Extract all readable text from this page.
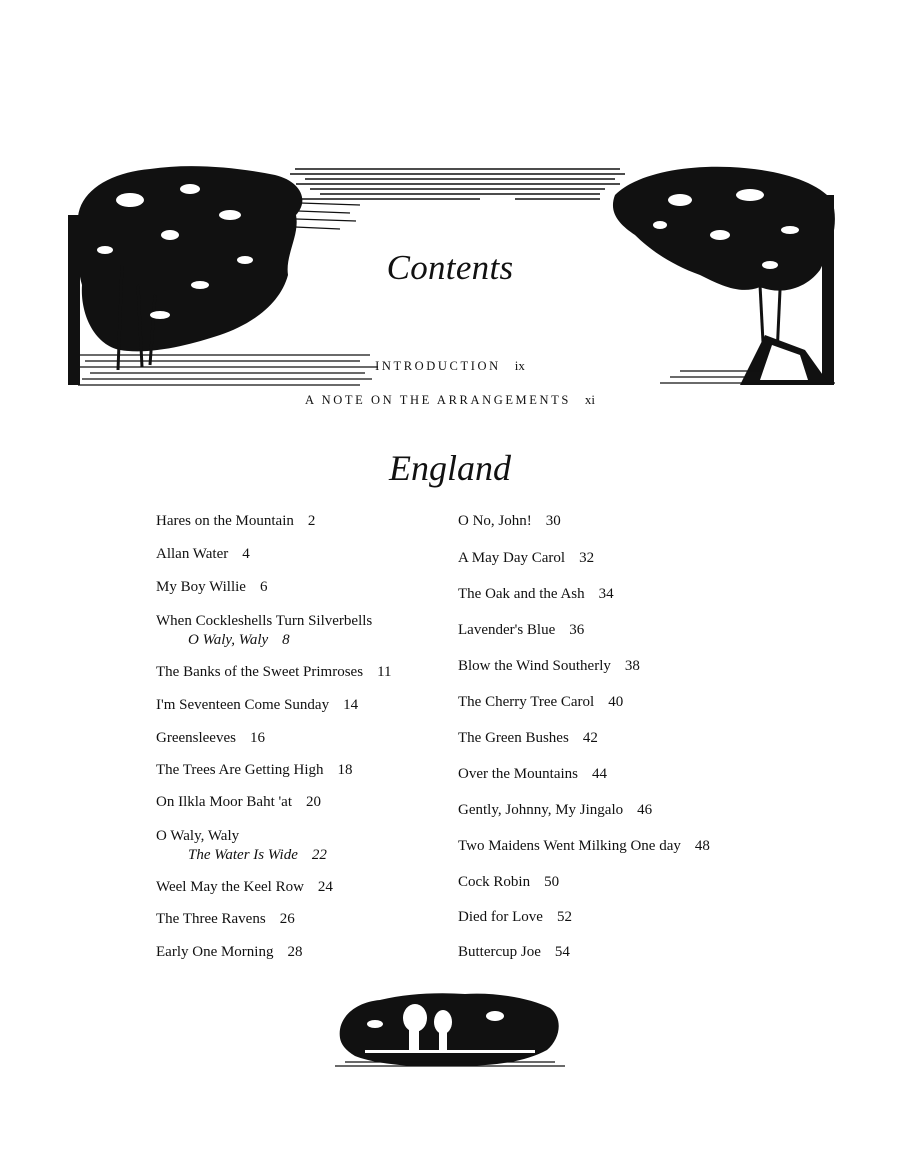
Contents
INTRODUCTION ix
A NOTE ON THE ARRANGEMENTS xi
England
Hares on the Mountain 2
Allan Water 4
My Boy Willie 6
When Cockleshells Turn Silverbells
O Waly, Waly 8
The Banks of the Sweet Primroses 11
I'm Seventeen Come Sunday 14
Greensleeves 16
The Trees Are Getting High 18
On Ilkla Moor Baht 'at 20
O Waly, Waly
The Water Is Wide 22
Weel May the Keel Row 24
The Three Ravens 26
Early One Morning 28
O No, John! 30
A May Day Carol 32
The Oak and the Ash 34
Lavender's Blue 36
Blow the Wind Southerly 38
The Cherry Tree Carol 40
The Green Bushes 42
Over the Mountains 44
Gently, Johnny, My Jingalo 46
Two Maidens Went Milking One day 48
Cock Robin 50
Died for Love 52
Buttercup Joe 54
